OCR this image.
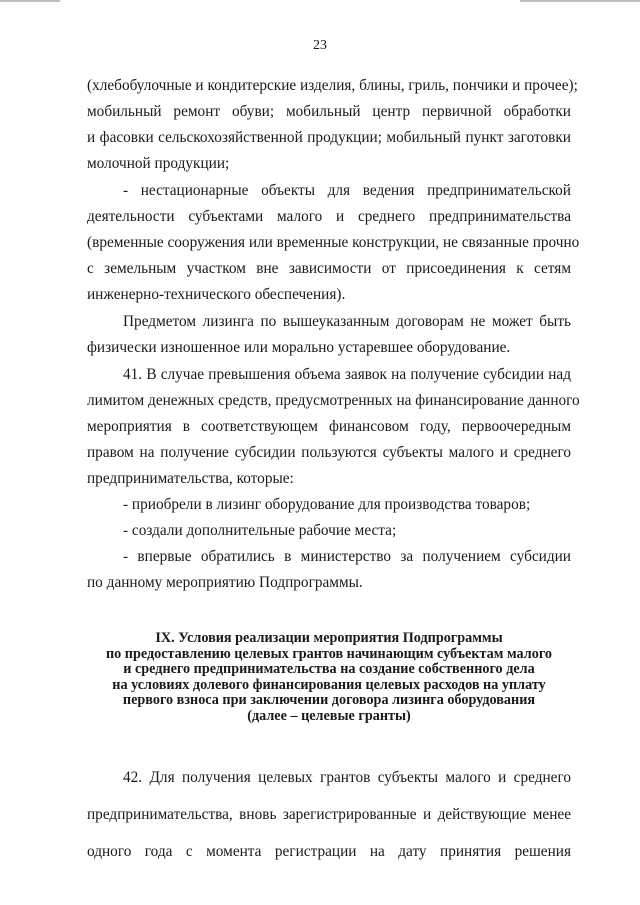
23
(хлебобулочные и кондитерские изделия, блины, гриль, пончики и прочее);
мобильный ремонт обуви; мобильный центр первичной обработки
и фасовки сельскохозяйственной продукции; мобильный пункт заготовки
молочной продукции;
- нестационарные объекты для ведения предпринимательской
деятельности субъектами малого и среднего предпринимательства
(временные сооружения или временные конструкции, не связанные прочно
с земельным участком вне зависимости от присоединения к сетям
инженерно-технического обеспечения).
Предметом лизинга по вышеуказанным договорам не может быть
физически изношенное или морально устаревшее оборудование.
41. В случае превышения объема заявок на получение субсидии над
лимитом денежных средств, предусмотренных на финансирование данного
мероприятия в соответствующем финансовом году, первоочередным
правом на получение субсидии пользуются субъекты малого и среднего
предпринимательства, которые:
- приобрели в лизинг оборудование для производства товаров;
- создали дополнительные рабочие места;
- впервые обратились в министерство за получением субсидии
по данному мероприятию Подпрограммы.
IX. Условия реализации мероприятия Подпрограммы
по предоставлению целевых грантов начинающим субъектам малого
и среднего предпринимательства на создание собственного дела
на условиях долевого финансирования целевых расходов на уплату
первого взноса при заключении договора лизинга оборудования
(далее – целевые гранты)
42. Для получения целевых грантов субъекты малого и среднего
предпринимательства, вновь зарегистрированные и действующие менее
одного года с момента регистрации на дату принятия решения
